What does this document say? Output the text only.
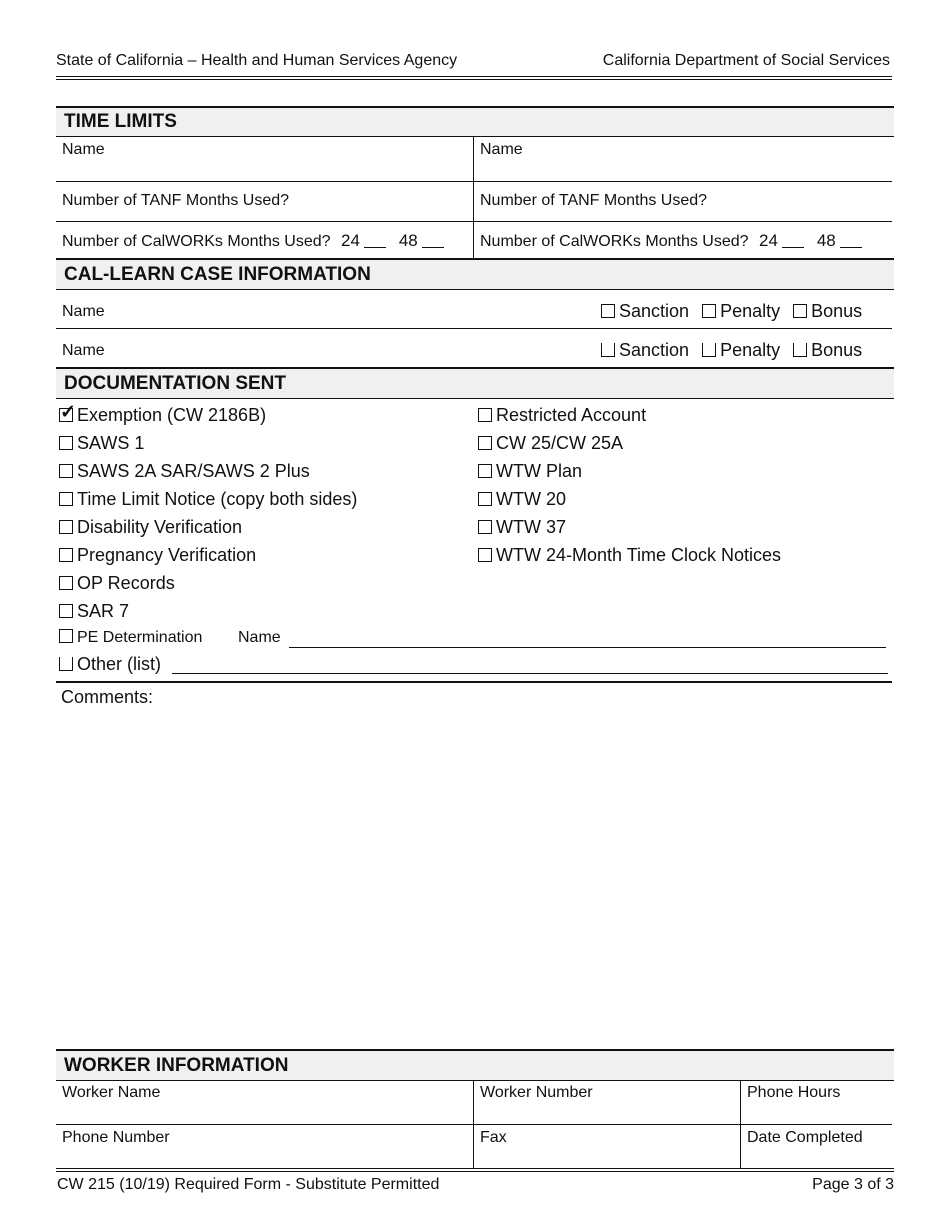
State of California – Health and Human Services Agency	California Department of Social Services
TIME LIMITS
Name	Name
Number of TANF Months Used?	Number of TANF Months Used?
Number of CalWORKs Months Used? 24 48	Number of CalWORKs Months Used? 24 48
CAL-LEARN CASE INFORMATION
Name	Sanction Penalty Bonus
Name	Sanction Penalty Bonus
DOCUMENTATION SENT
✓ Exemption (CW 2186B)
SAWS 1
SAWS 2A SAR/SAWS 2 Plus
Time Limit Notice (copy both sides)
Disability Verification
Pregnancy Verification
OP Records
SAR 7
Restricted Account
CW 25/CW 25A
WTW Plan
WTW 20
WTW 37
WTW 24-Month Time Clock Notices
PE Determination Name
Other (list)
Comments:
WORKER INFORMATION
Worker Name	Worker Number	Phone Hours
Phone Number	Fax	Date Completed
CW 215 (10/19) Required Form - Substitute Permitted	Page 3 of 3
